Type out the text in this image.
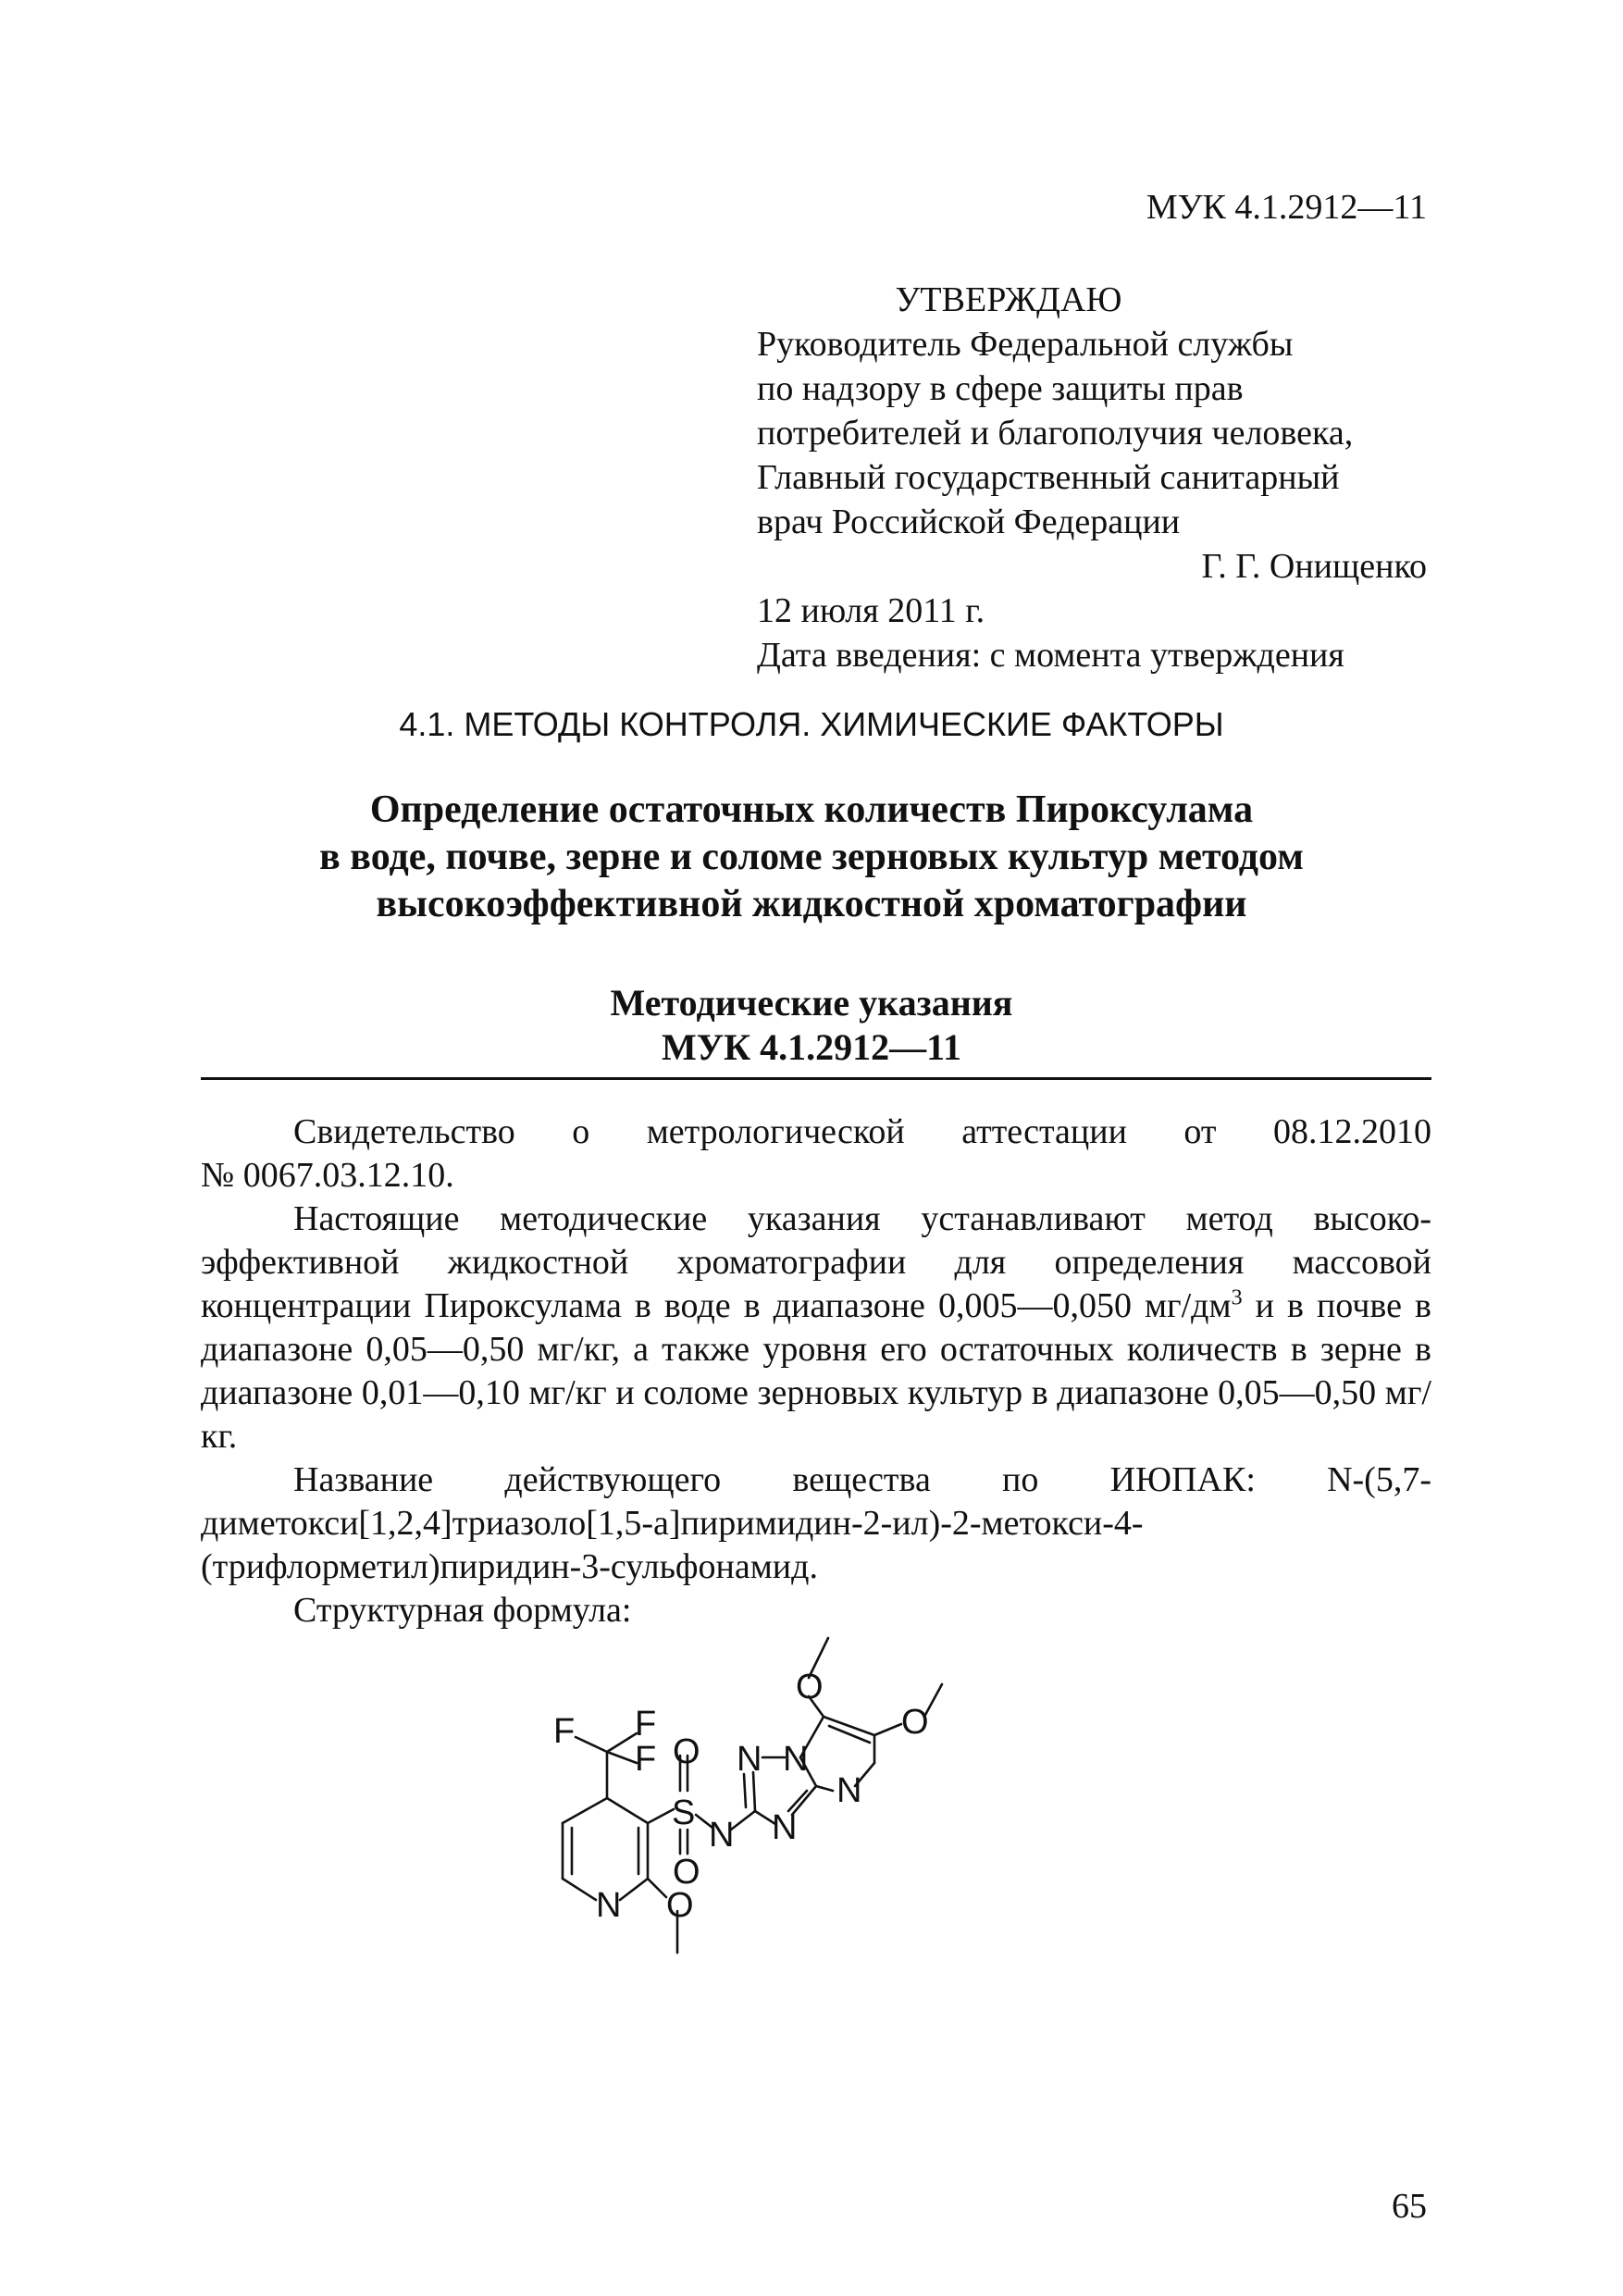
МУК 4.1.2912—11
УТВЕРЖДАЮ
Руководитель Федеральной службы
по надзору в сфере защиты прав
потребителей и благополучия человека,
Главный государственный санитарный
врач Российской Федерации
Г. Г. Онищенко
12 июля 2011 г.
Дата введения: с момента утверждения
4.1. МЕТОДЫ КОНТРОЛЯ. ХИМИЧЕСКИЕ ФАКТОРЫ
Определение остаточных количеств Пироксулама
в воде, почве, зерне и соломе зерновых культур методом
высокоэффективной жидкостной хроматографии
Методические указания
МУК 4.1.2912—11

Свидетельство о метрологической аттестации от 08.12.2010

№ 0067.03.12.10.

Настоящие методические указания устанавливают метод высоко-эффективной жидкостной хроматографии для определения массовой концентрации Пироксулама в воде в диапазоне 0,005—0,050 $мг/дм^3$ и в почве в диапазоне 0,05—0,50 мг/кг, а также уровня его остаточных количеств в зерне в диапазоне 0,01—0,10 мг/кг и соломе зерновых культур в диапазоне 0,05—0,50 мг/кг.

Название действующего вещества по ИЮПАК: N-(5,7-диметокси[1,2,4]триазоло[1,5-a]пиримидин-2-ил)-2-метокси-4-(трифлорметил)пиридин-3-сульфонамид.

Структурная формула:

F F
F O
S
O
N
N O
N N
N
N
O
O
65
